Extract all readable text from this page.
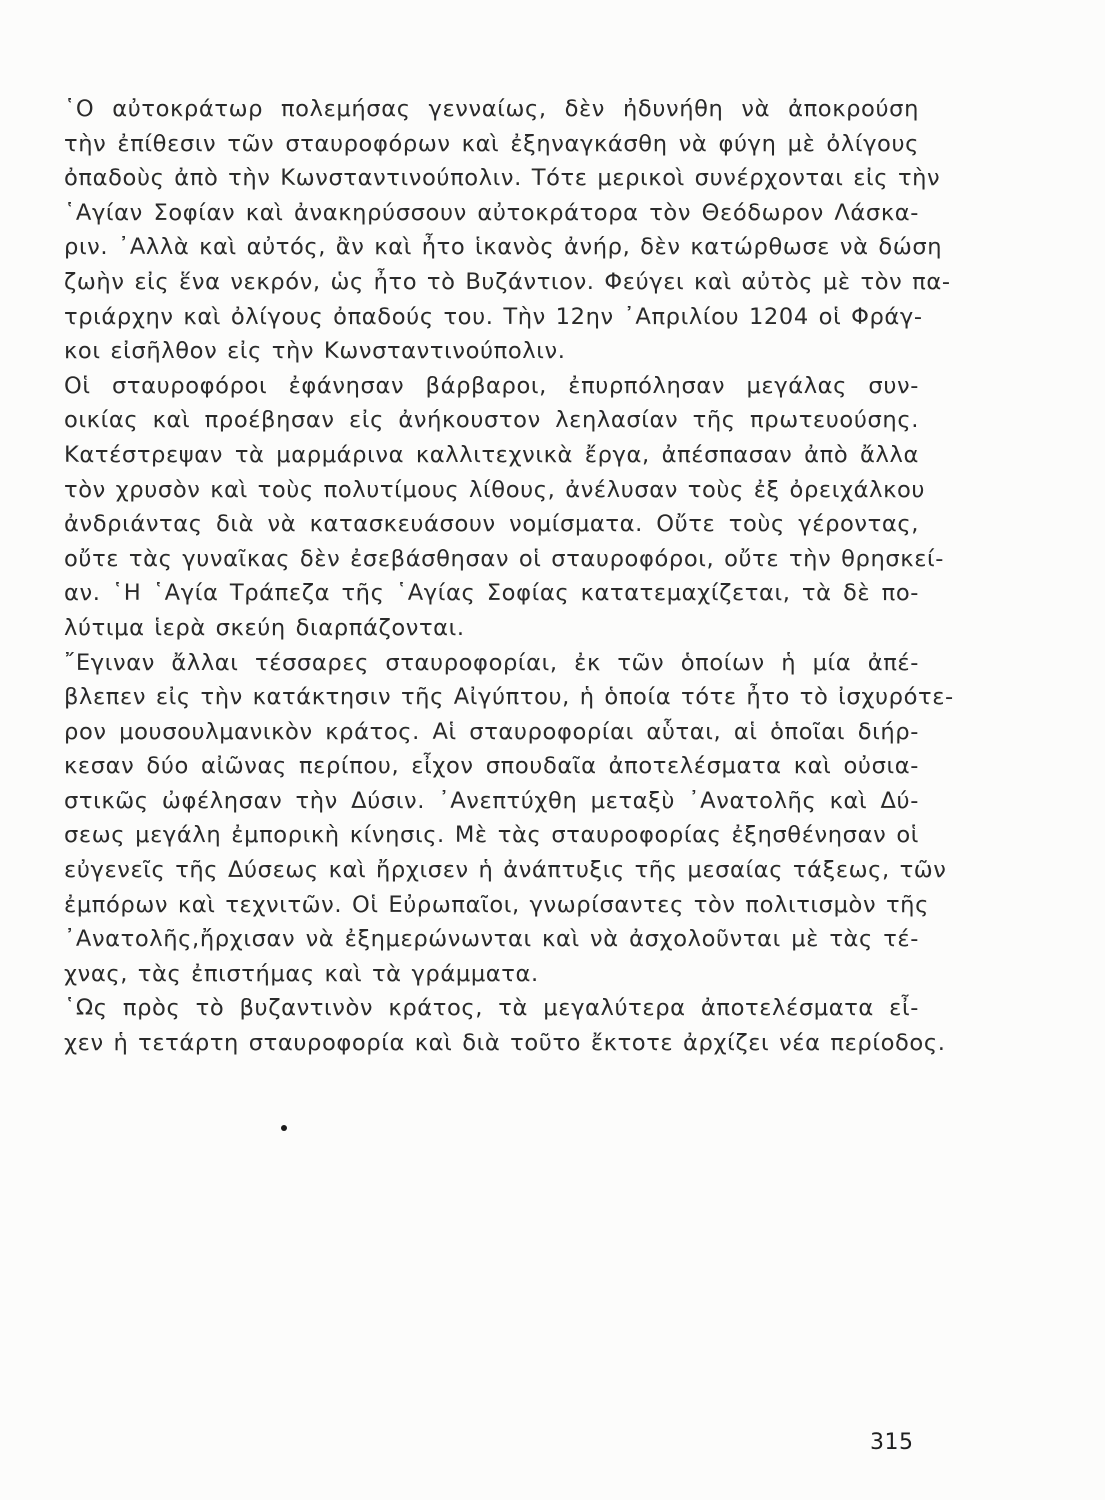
῾Ο αὐτοκράτωρ πολεμήσας γενναίως, δὲν ἠδυνήθη νὰ ἀποκρούση
τὴν ἐπίθεσιν τῶν σταυροφόρων καὶ ἐξηναγκάσθη νὰ φύγη μὲ ὀλίγους
ὀπαδοὺς ἀπὸ τὴν Κωνσταντινούπολιν. Τότε μερικοὶ συνέρχονται εἰς τὴν
῾Αγίαν Σοφίαν καὶ ἀνακηρύσσουν αὐτοκράτορα τὸν Θεόδωρον Λάσκα-
ριν. ᾿Αλλὰ καὶ αὐτός, ἂν καὶ ἦτο ἱκανὸς ἀνήρ, δὲν κατώρθωσε νὰ δώση
ζωὴν εἰς ἕνα νεκρόν, ὡς ἦτο τὸ Βυζάντιον. Φεύγει καὶ αὐτὸς μὲ τὸν πα-
τριάρχην καὶ ὀλίγους ὀπαδούς του. Τὴν 12ην ᾿Απριλίου 1204 οἱ Φράγ-
κοι εἰσῆλθον εἰς τὴν Κωνσταντινούπολιν.
Οἱ σταυροφόροι ἐφάνησαν βάρβαροι, ἐπυρπόλησαν μεγάλας συν-
οικίας καὶ προέβησαν εἰς ἀνήκουστον λεηλασίαν τῆς πρωτευούσης.
Κατέστρεψαν τὰ μαρμάρινα καλλιτεχνικὰ ἔργα, ἀπέσπασαν ἀπὸ ἄλλα
τὸν χρυσὸν καὶ τοὺς πολυτίμους λίθους, ἀνέλυσαν τοὺς ἐξ ὀρειχάλκου
ἀνδριάντας διὰ νὰ κατασκευάσουν νομίσματα. Οὔτε τοὺς γέροντας,
οὔτε τὰς γυναῖκας δὲν ἐσεβάσθησαν οἱ σταυροφόροι, οὔτε τὴν θρησκεί-
αν. ῾Η ῾Αγία Τράπεζα τῆς ῾Αγίας Σοφίας κατατεμαχίζεται, τὰ δὲ πο-
λύτιμα ἱερὰ σκεύη διαρπάζονται.
῎Εγιναν ἄλλαι τέσσαρες σταυροφορίαι, ἐκ τῶν ὁποίων ἡ μία ἀπέ-
βλεπεν εἰς τὴν κατάκτησιν τῆς Αἰγύπτου, ἡ ὁποία τότε ἦτο τὸ ἰσχυρότε-
ρον μουσουλμανικὸν κράτος. Αἱ σταυροφορίαι αὗται, αἱ ὁποῖαι διήρ-
κεσαν δύο αἰῶνας περίπου, εἶχον σπουδαῖα ἀποτελέσματα καὶ οὐσια-
στικῶς ὠφέλησαν τὴν Δύσιν. ᾿Ανεπτύχθη μεταξὺ ᾿Ανατολῆς καὶ Δύ-
σεως μεγάλη ἐμπορικὴ κίνησις. Μὲ τὰς σταυροφορίας ἐξησθένησαν οἱ
εὐγενεῖς τῆς Δύσεως καὶ ἤρχισεν ἡ ἀνάπτυξις τῆς μεσαίας τάξεως, τῶν
ἐμπόρων καὶ τεχνιτῶν. Οἱ Εὐρωπαῖοι, γνωρίσαντες τὸν πολιτισμὸν τῆς
᾿Ανατολῆς,ἤρχισαν νὰ ἐξημερώνωνται καὶ νὰ ἀσχολοῦνται μὲ τὰς τέ-
χνας, τὰς ἐπιστήμας καὶ τὰ γράμματα.
῾Ως πρὸς τὸ βυζαντινὸν κράτος, τὰ μεγαλύτερα ἀποτελέσματα εἶ-
χεν ἡ τετάρτη σταυροφορία καὶ διὰ τοῦτο ἔκτοτε ἀρχίζει νέα περίοδος.
315
